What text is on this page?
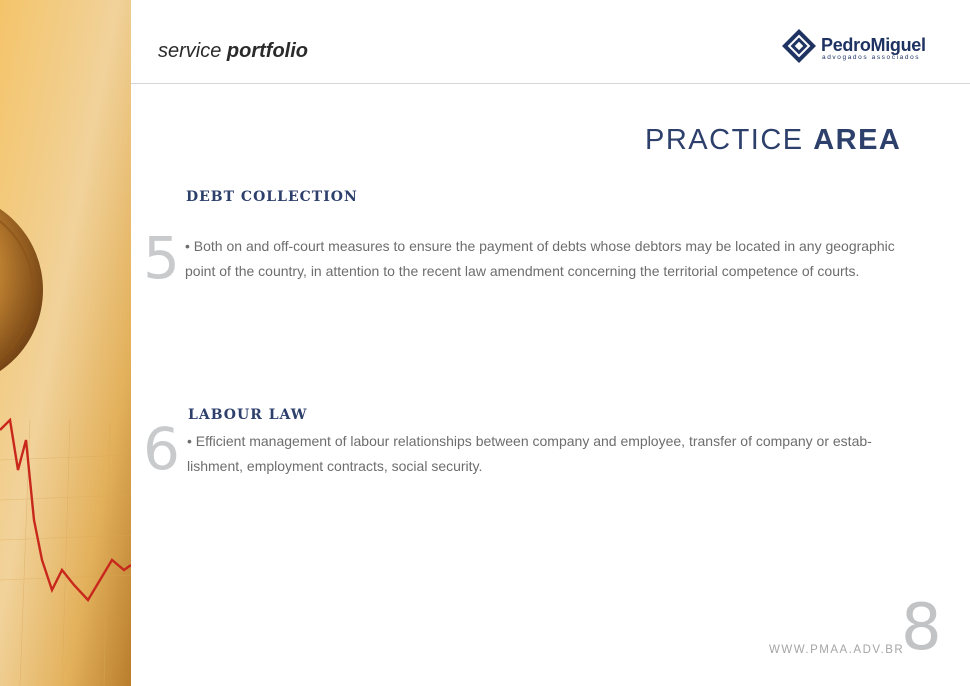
service portfolio	PedroMiguel
advogados associados
PRACTICE AREA
5
DEBT COLLECTION
• Both on and off-court measures to ensure the payment of debts whose debtors may be located in any geographic point of the country, in attention to the recent law amendment concerning the territorial competence of courts.
6 LABOUR LAW
• Efficient management of labour relationships between company and employee, transfer of company or estab-lishment, employment contracts, social security.
WWW.PMAA.ADV.BR
8
